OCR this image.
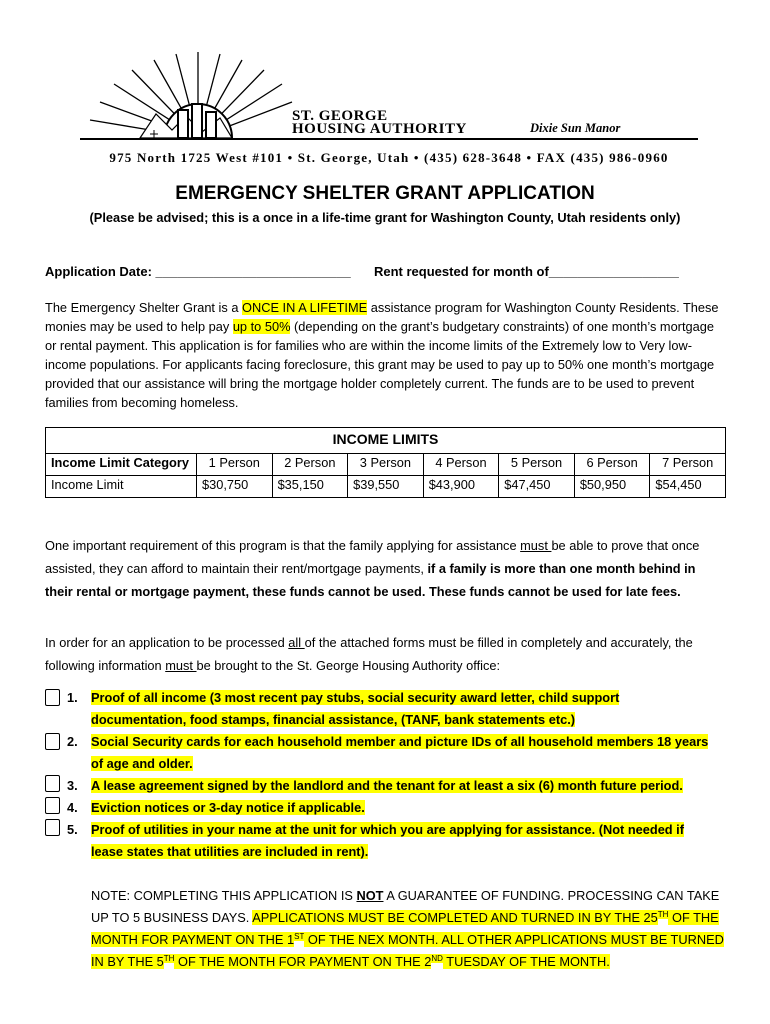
ST. GEORGE
HOUSING AUTHORITY	Dixie Sun Manor
975 North 1725 West #101 • St. George, Utah • (435) 628-3648 • FAX (435) 986-0960
EMERGENCY SHELTER GRANT APPLICATION
(Please be advised; this is a once in a life-time grant for Washington County, Utah residents only)
Application Date: ___________________________ Rent requested for month of__________________
The Emergency Shelter Grant is a ONCE IN A LIFETIME assistance program for Washington County Residents. These monies may be used to help pay up to 50% (depending on the grant’s budgetary constraints) of one month’s mortgage or rental payment. This application is for families who are within the income limits of the Extremely low to Very low-income populations. For applicants facing foreclosure, this grant may be used to pay up to 50% one month’s mortgage provided that our assistance will bring the mortgage holder completely current. The funds are to be used to prevent families from becoming homeless.
INCOME LIMITS							
Income Limit Category	1 Person	2 Person	3 Person	4 Person	5 Person	6 Person	7 Person
Income Limit	$30,750	$35,150	$39,550	$43,900	$47,450	$50,950	$54,450
One important requirement of this program is that the family applying for assistance must be able to prove that once assisted, they can afford to maintain their rent/mortgage payments, if a family is more than one month behind in their rental or mortgage payment, these funds cannot be used. These funds cannot be used for late fees.
In order for an application to be processed all of the attached forms must be filled in completely and accurately, the following information must be brought to the St. George Housing Authority office:
1. Proof of all income (3 most recent pay stubs, social security award letter, child support
documentation, food stamps, financial assistance, (TANF, bank statements etc.)
2. Social Security cards for each household member and picture IDs of all household members 18 years
of age and older.
3. A lease agreement signed by the landlord and the tenant for at least a six (6) month future period.
4. Eviction notices or 3-day notice if applicable.
5. Proof of utilities in your name at the unit for which you are applying for assistance. (Not needed if
lease states that utilities are included in rent).
NOTE: COMPLETING THIS APPLICATION IS NOT A GUARANTEE OF FUNDING. PROCESSING CAN TAKE UP TO 5 BUSINESS DAYS. APPLICATIONS MUST BE COMPLETED AND TURNED IN BY THE 25TH OF THE MONTH FOR PAYMENT ON THE 1ST OF THE NEX MONTH. ALL OTHER APPLICATIONS MUST BE TURNED IN BY THE 5TH OF THE MONTH FOR PAYMENT ON THE 2ND TUESDAY OF THE MONTH.
